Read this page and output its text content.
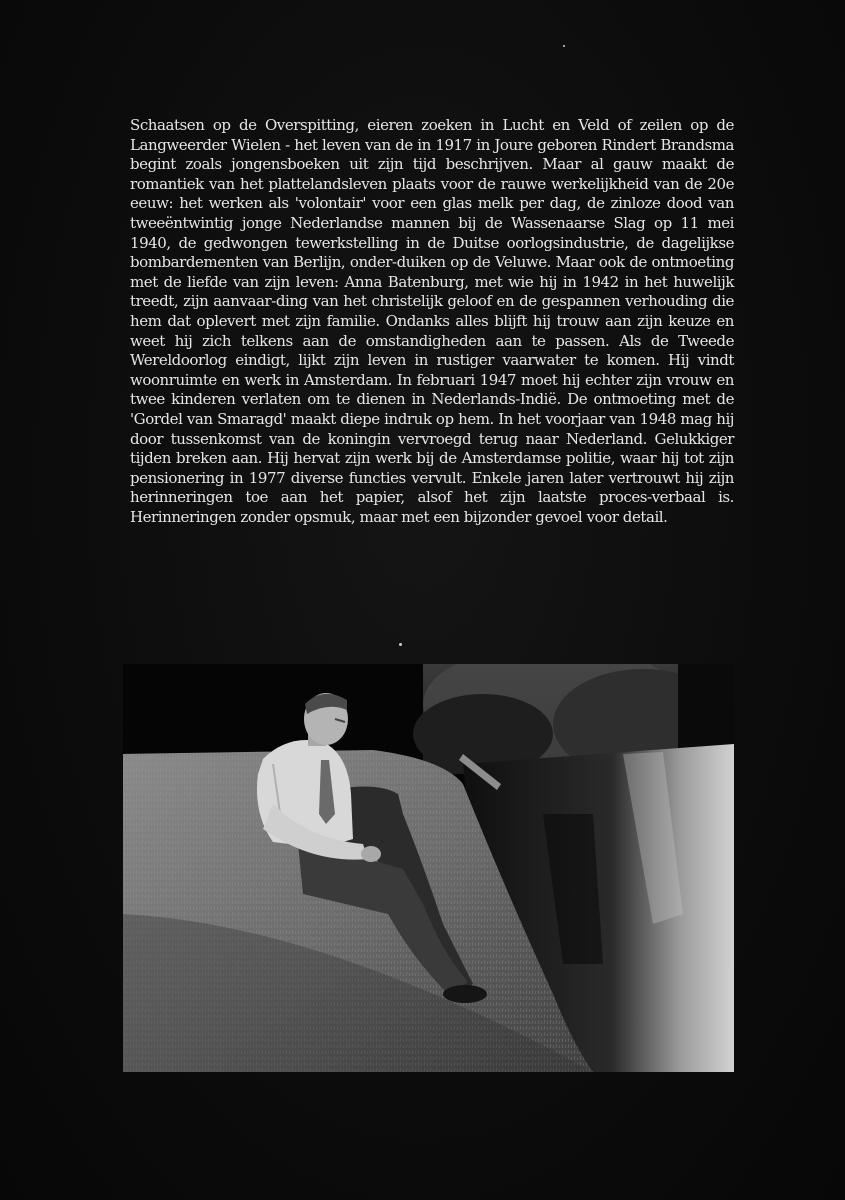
Schaatsen op de Overspitting, eieren zoeken in Lucht en Veld of zeilen op de Langweerder Wielen - het leven van de in 1917 in Joure geboren Rindert Brandsma begint zoals jongensboeken uit zijn tijd beschrijven. Maar al gauw maakt de romantiek van het plattelandsleven plaats voor de rauwe werkelijkheid van de 20e eeuw: het werken als 'volontair' voor een glas melk per dag, de zinloze dood van tweeëntwintig jonge Nederlandse mannen bij de Wassenaarse Slag op 11 mei 1940, de gedwongen tewerkstelling in de Duitse oorlogsindustrie, de dagelijkse bombardementen van Berlijn, onder-duiken op de Veluwe. Maar ook de ontmoeting met de liefde van zijn leven: Anna Batenburg, met wie hij in 1942 in het huwelijk treedt, zijn aanvaar-ding van het christelijk geloof en de gespannen verhouding die hem dat oplevert met zijn familie. Ondanks alles blijft hij trouw aan zijn keuze en weet hij zich telkens aan de omstandigheden aan te passen. Als de Tweede Wereldoorlog eindigt, lijkt zijn leven in rustiger vaarwater te komen. Hij vindt woonruimte en werk in Amsterdam. In februari 1947 moet hij echter zijn vrouw en twee kinderen verlaten om te dienen in Nederlands-Indië. De ontmoeting met de 'Gordel van Smaragd' maakt diepe indruk op hem. In het voorjaar van 1948 mag hij door tussenkomst van de koningin vervroegd terug naar Nederland. Gelukkiger tijden breken aan. Hij hervat zijn werk bij de Amsterdamse politie, waar hij tot zijn pensionering in 1977 diverse functies vervult. Enkele jaren later vertrouwt hij zijn herinneringen toe aan het papier, alsof het zijn laatste proces-verbaal is. Herinneringen zonder opsmuk, maar met een bijzonder gevoel voor detail.
